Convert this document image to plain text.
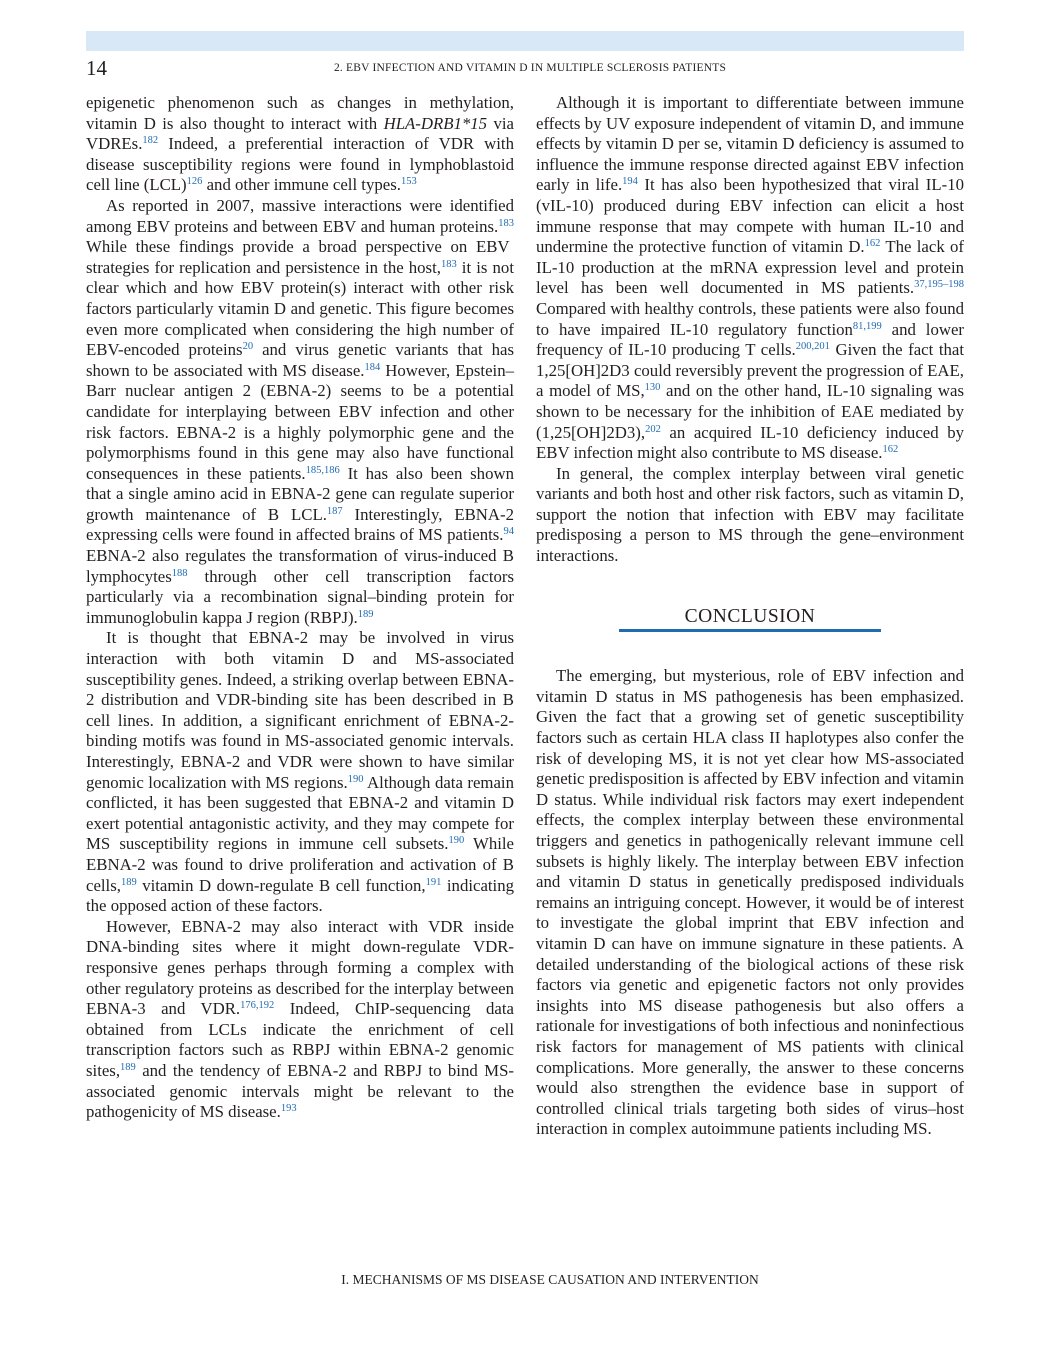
14	2. EBV INFECTION AND VITAMIN D IN MULTIPLE SCLEROSIS PATIENTS

epigenetic phenomenon such as changes in methylation, vitamin D is also thought to interact with HLA-DRB1*15 via VDREs.$^{182}$ Indeed, a preferential interaction of VDR with disease susceptibility regions were found in lymphoblastoid cell line (LCL)$^{126}$ and other immune cell types.$^{153}$

As reported in 2007, massive interactions were identified among EBV proteins and between EBV and human proteins.$^{183}$ While these findings provide a broad perspective on EBV strategies for replication and persistence in the host,$^{183}$ it is not clear which and how EBV protein(s) interact with other risk factors particularly vitamin D and genetic. This figure becomes even more complicated when considering the high number of EBV-encoded proteins$^{20}$ and virus genetic variants that has shown to be associated with MS disease.$^{184}$ However, Epstein–Barr nuclear antigen 2 (EBNA-2) seems to be a potential candidate for interplaying between EBV infection and other risk factors. EBNA-2 is a highly polymorphic gene and the polymorphisms found in this gene may also have functional consequences in these patients.$^{185,186}$ It has also been shown that a single amino acid in EBNA-2 gene can regulate superior growth maintenance of B LCL.$^{187}$ Interestingly, EBNA-2 expressing cells were found in affected brains of MS patients.$^{94}$ EBNA-2 also regulates the transformation of virus-induced B lymphocytes$^{188}$ through other cell transcription factors particularly via a recombination signal–binding protein for immunoglobulin kappa J region (RBPJ).$^{189}$

It is thought that EBNA-2 may be involved in virus interaction with both vitamin D and MS-associated susceptibility genes. Indeed, a striking overlap between EBNA-2 distribution and VDR-binding site has been described in B cell lines. In addition, a significant enrichment of EBNA-2-binding motifs was found in MS-associated genomic intervals. Interestingly, EBNA-2 and VDR were shown to have similar genomic localization with MS regions.$^{190}$ Although data remain conflicted, it has been suggested that EBNA-2 and vitamin D exert potential antagonistic activity, and they may compete for MS susceptibility regions in immune cell subsets.$^{190}$ While EBNA-2 was found to drive proliferation and activation of B cells,$^{189}$ vitamin D down-regulate B cell function,$^{191}$ indicating the opposed action of these factors.

However, EBNA-2 may also interact with VDR inside DNA-binding sites where it might down-regulate VDR-responsive genes perhaps through forming a complex with other regulatory proteins as described for the interplay between EBNA-3 and VDR.$^{176,192}$ Indeed, ChIP-sequencing data obtained from LCLs indicate the enrichment of cell transcription factors such as RBPJ within EBNA-2 genomic sites,$^{189}$ and the tendency of EBNA-2 and RBPJ to bind MS-associated genomic intervals might be relevant to the pathogenicity of MS disease.$^{193}$

Although it is important to differentiate between immune effects by UV exposure independent of vitamin D, and immune effects by vitamin D per se, vitamin D deficiency is assumed to influence the immune response directed against EBV infection early in life.$^{194}$ It has also been hypothesized that viral IL-10 (vIL-10) produced during EBV infection can elicit a host immune response that may compete with human IL-10 and undermine the protective function of vitamin D.$^{162}$ The lack of IL-10 production at the mRNA expression level and protein level has been well documented in MS patients.$^{37,195-198}$ Compared with healthy controls, these patients were also found to have impaired IL-10 regulatory function$^{81,199}$ and lower frequency of IL-10 producing T cells.$^{200,201}$ Given the fact that 1,25[OH]2D3 could reversibly prevent the progression of EAE, a model of MS,$^{130}$ and on the other hand, IL-10 signaling was shown to be necessary for the inhibition of EAE mediated by (1,25[OH]2D3),$^{202}$ an acquired IL-10 deficiency induced by EBV infection might also contribute to MS disease.$^{162}$

In general, the complex interplay between viral genetic variants and both host and other risk factors, such as vitamin D, support the notion that infection with EBV may facilitate predisposing a person to MS through the gene–environment interactions.

CONCLUSION

The emerging, but mysterious, role of EBV infection and vitamin D status in MS pathogenesis has been emphasized. Given the fact that a growing set of genetic susceptibility factors such as certain HLA class II haplotypes also confer the risk of developing MS, it is not yet clear how MS-associated genetic predisposition is affected by EBV infection and vitamin D status. While individual risk factors may exert independent effects, the complex interplay between these environmental triggers and genetics in pathogenically relevant immune cell subsets is highly likely. The interplay between EBV infection and vitamin D status in genetically predisposed individuals remains an intriguing concept. However, it would be of interest to investigate the global imprint that EBV infection and vitamin D can have on immune signature in these patients. A detailed understanding of the biological actions of these risk factors via genetic and epigenetic factors not only provides insights into MS disease pathogenesis but also offers a rationale for investigations of both infectious and noninfectious risk factors for management of MS patients with clinical complications. More generally, the answer to these concerns would also strengthen the evidence base in support of controlled clinical trials targeting both sides of virus–host interaction in complex autoimmune patients including MS.

I. MECHANISMS OF MS DISEASE CAUSATION AND INTERVENTION
